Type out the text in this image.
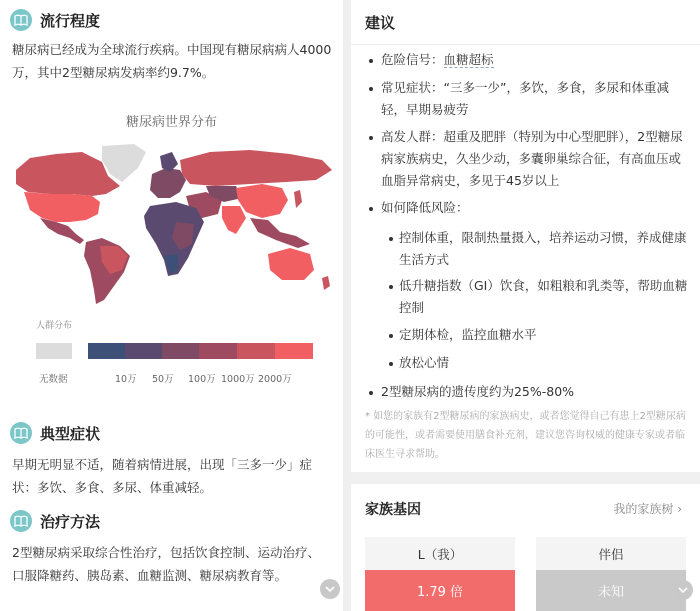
流行程度
糖尿病已经成为全球流行疾病。中国现有糖尿病病人4000万，其中2型糖尿病发病率约9.7%。
糖尿病世界分布
人群分布
无数据	10万 50万 100万 1000万 2000万
典型症状
早期无明显不适，随着病情进展，出现「三多一少」症状：多饮、多食、多尿、体重减轻。
治疗方法
2型糖尿病采取综合性治疗，包括饮食控制、运动治疗、口服降糖药、胰岛素、血糖监测、糖尿病教育等。
建议
危险信号：血糖超标
常见症状：“三多一少”，多饮，多食，多尿和体重减轻，早期易疲劳
高发人群：超重及肥胖（特别为中心型肥胖），2型糖尿病家族病史，久坐少动，多囊卵巢综合征，有高血压或血脂异常病史，多见于45岁以上
如何降低风险：
控制体重，限制热量摄入，培养运动习惯，养成健康生活方式
低升糖指数（GI）饮食，如粗粮和乳类等，帮助血糖控制
定期体检，监控血糖水平
放松心情
2型糖尿病的遗传度约为25%-80%
* 如您的家族有2型糖尿病的家族病史，或者您觉得自己有患上2型糖尿病的可能性，或者需要使用膳食补充剂，建议您咨询权威的健康专家或者临床医生寻求帮助。
家族基因	我的家族树 ›
L（我）
1.79 倍
伴侣
未知
